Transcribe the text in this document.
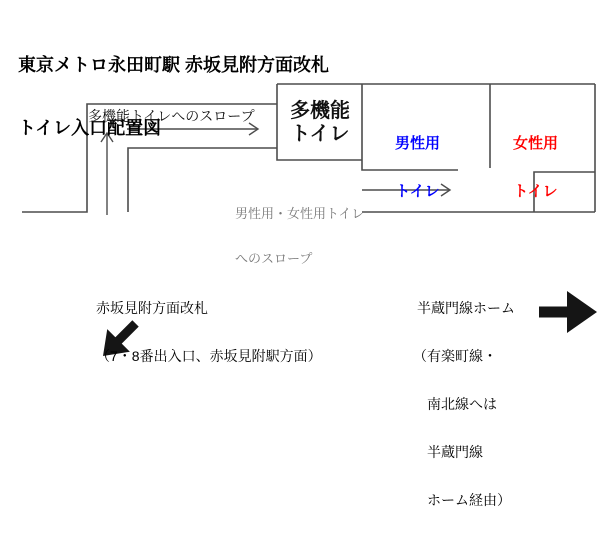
東京メトロ永田町駅 赤坂見附方面改札

トイレ入口配置図

多機能トイレへのスロープ 多機能
トイレ

	男性用

トイレ

女性用

トイレ

男性用・女性用トイレ

へのスロープ

赤坂見附方面改札

（7・8番出入口、赤坂見附駅方面）

半蔵門線ホーム

（有楽町線・

　南北線へは

　半蔵門線

　ホーム経由）
